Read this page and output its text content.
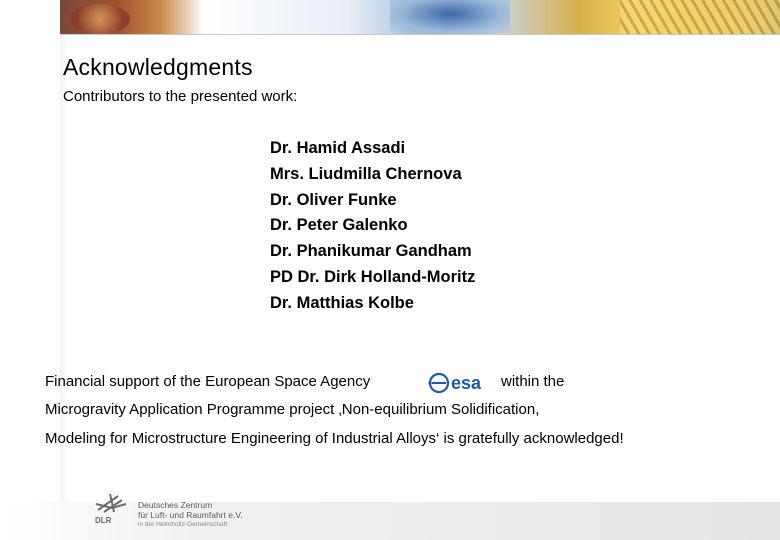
Acknowledgments
Contributors to the presented work:
Dr. Hamid Assadi
Mrs. Liudmilla Chernova
Dr. Oliver Funke
Dr. Peter Galenko
Dr. Phanikumar Gandham
PD Dr. Dirk Holland-Moritz
Dr. Matthias Kolbe
Financial support of the European Space Agency	within the
esa
Microgravity Application Programme project ‚Non-equilibrium Solidification,
Modeling for Microstructure Engineering of Industrial Alloys‘ is gratefully acknowledged!
DLR
Deutsches Zentrum
für Luft- und Raumfahrt e.V.
in der Helmholtz-Gemeinschaft
